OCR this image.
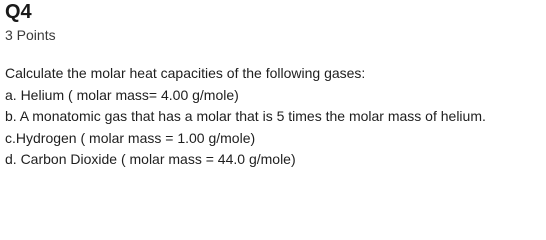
Q4
3 Points
Calculate the molar heat capacities of the following gases:
a. Helium ( molar mass= 4.00 g/mole)
b. A monatomic gas that has a molar that is 5 times the molar mass of helium.
c.Hydrogen ( molar mass = 1.00 g/mole)
d. Carbon Dioxide ( molar mass = 44.0 g/mole)
